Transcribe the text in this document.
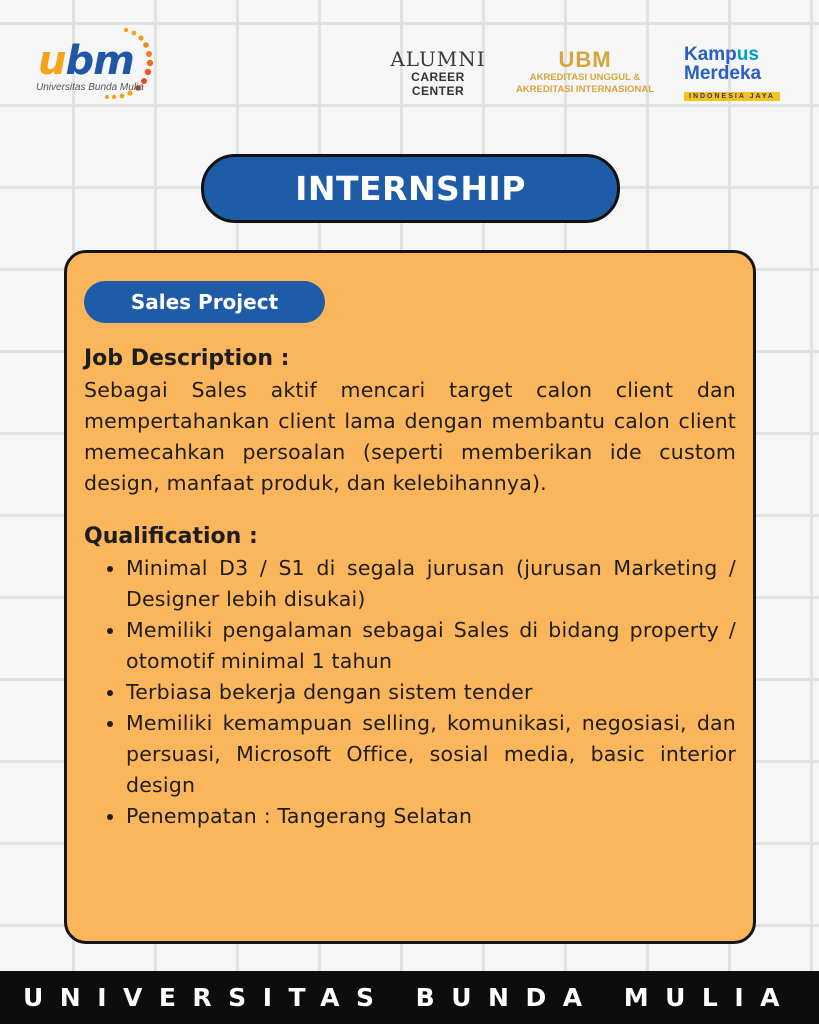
ubm
Universitas Bunda Mulia
ALUMNI
CAREER CENTER
UBM
AKREDITASI UNGGUL &
AKREDITASI INTERNASIONAL
Kampus
Merdeka
INDONESIA JAYA
INTERNSHIP
Sales Project

Job Description :

Sebagai Sales aktif mencari target calon client dan mempertahankan client lama dengan membantu calon client memecahkan persoalan (seperti memberikan ide custom design, manfaat produk, dan kelebihannya).

Qualification :

• Minimal D3 / S1 di segala jurusan (jurusan Marketing / Designer lebih disukai)
• Memiliki pengalaman sebagai Sales di bidang property / otomotif minimal 1 tahun
• Terbiasa bekerja dengan sistem tender
• Memiliki kemampuan selling, komunikasi, negosiasi, dan persuasi, Microsoft Office, sosial media, basic interior design
• Penempatan : Tangerang Selatan
UNIVERSITAS BUNDA MULIA
